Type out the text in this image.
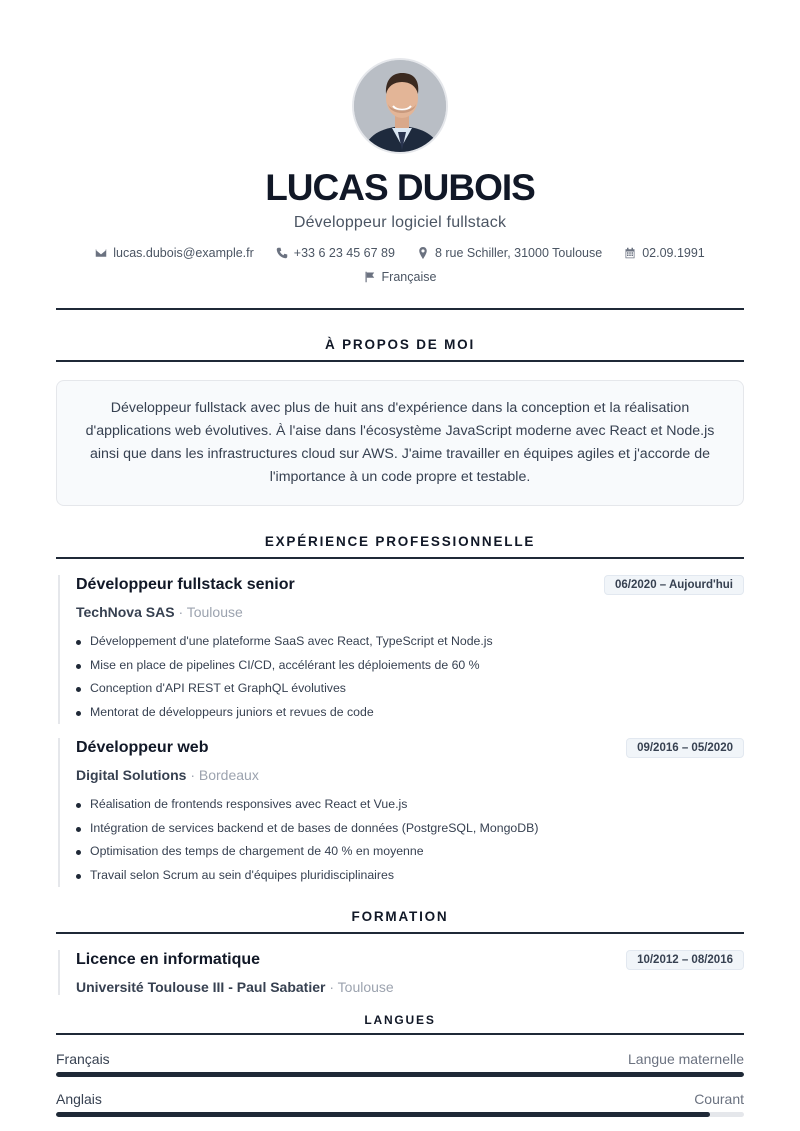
LUCAS DUBOIS
Développeur logiciel fullstack
lucas.dubois@example.fr	+33 6 23 45 67 89	8 rue Schiller, 31000 Toulouse	02.09.1991
Française
À PROPOS DE MOI
Développeur fullstack avec plus de huit ans d'expérience dans la conception et la réalisation d'applications web évolutives. À l'aise dans l'écosystème JavaScript moderne avec React et Node.js ainsi que dans les infrastructures cloud sur AWS. J'aime travailler en équipes agiles et j'accorde de l'importance à un code propre et testable.
EXPÉRIENCE PROFESSIONNELLE
Développeur fullstack senior	06/2020 – Aujourd'hui
TechNova SAS · Toulouse
Développement d'une plateforme SaaS avec React, TypeScript et Node.js
Mise en place de pipelines CI/CD, accélérant les déploiements de 60 %
Conception d'API REST et GraphQL évolutives
Mentorat de développeurs juniors et revues de code
Développeur web	09/2016 – 05/2020
Digital Solutions · Bordeaux
Réalisation de frontends responsives avec React et Vue.js
Intégration de services backend et de bases de données (PostgreSQL, MongoDB)
Optimisation des temps de chargement de 40 % en moyenne
Travail selon Scrum au sein d'équipes pluridisciplinaires
FORMATION
Licence en informatique	10/2012 – 08/2016
Université Toulouse III - Paul Sabatier · Toulouse
LANGUES
Français	Langue maternelle
Anglais	Courant
